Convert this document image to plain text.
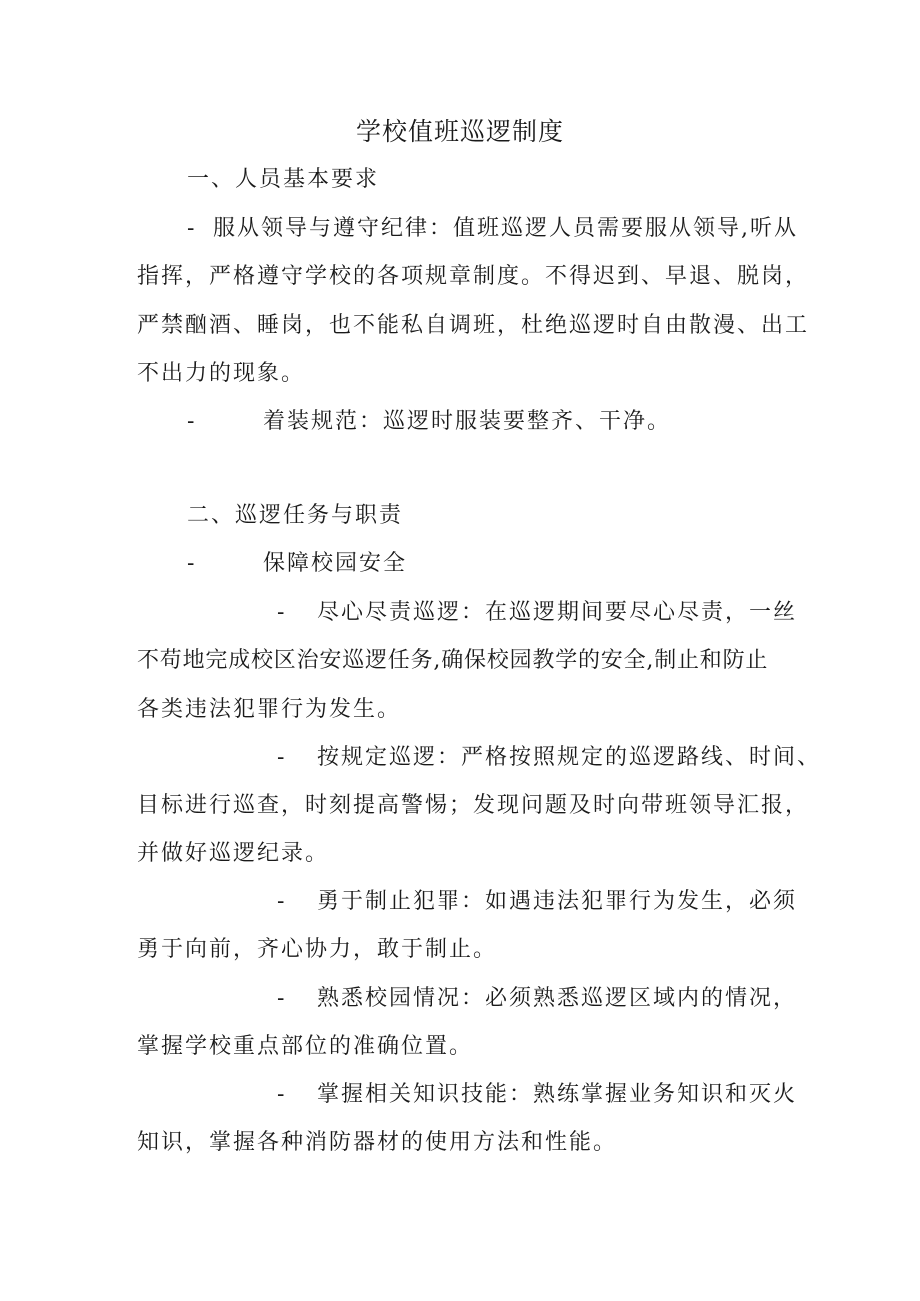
学校值班巡逻制度
一、人员基本要求
- 服从领导与遵守纪律：值班巡逻人员需要服从领导,听从
指挥，严格遵守学校的各项规章制度。不得迟到、早退、脱岗，
严禁酗酒、睡岗，也不能私自调班，杜绝巡逻时自由散漫、出工
不出力的现象。
-	着装规范：巡逻时服装要整齐、干净。
二、巡逻任务与职责
-	保障校园安全
- 尽心尽责巡逻：在巡逻期间要尽心尽责，一丝
不苟地完成校区治安巡逻任务,确保校园教学的安全,制止和防止
各类违法犯罪行为发生。
- 按规定巡逻：严格按照规定的巡逻路线、时间、
目标进行巡查，时刻提高警惕；发现问题及时向带班领导汇报，
并做好巡逻纪录。
- 勇于制止犯罪：如遇违法犯罪行为发生，必须
勇于向前，齐心协力，敢于制止。
- 熟悉校园情况：必须熟悉巡逻区域内的情况，
掌握学校重点部位的准确位置。
- 掌握相关知识技能：熟练掌握业务知识和灭火
知识，掌握各种消防器材的使用方法和性能。
